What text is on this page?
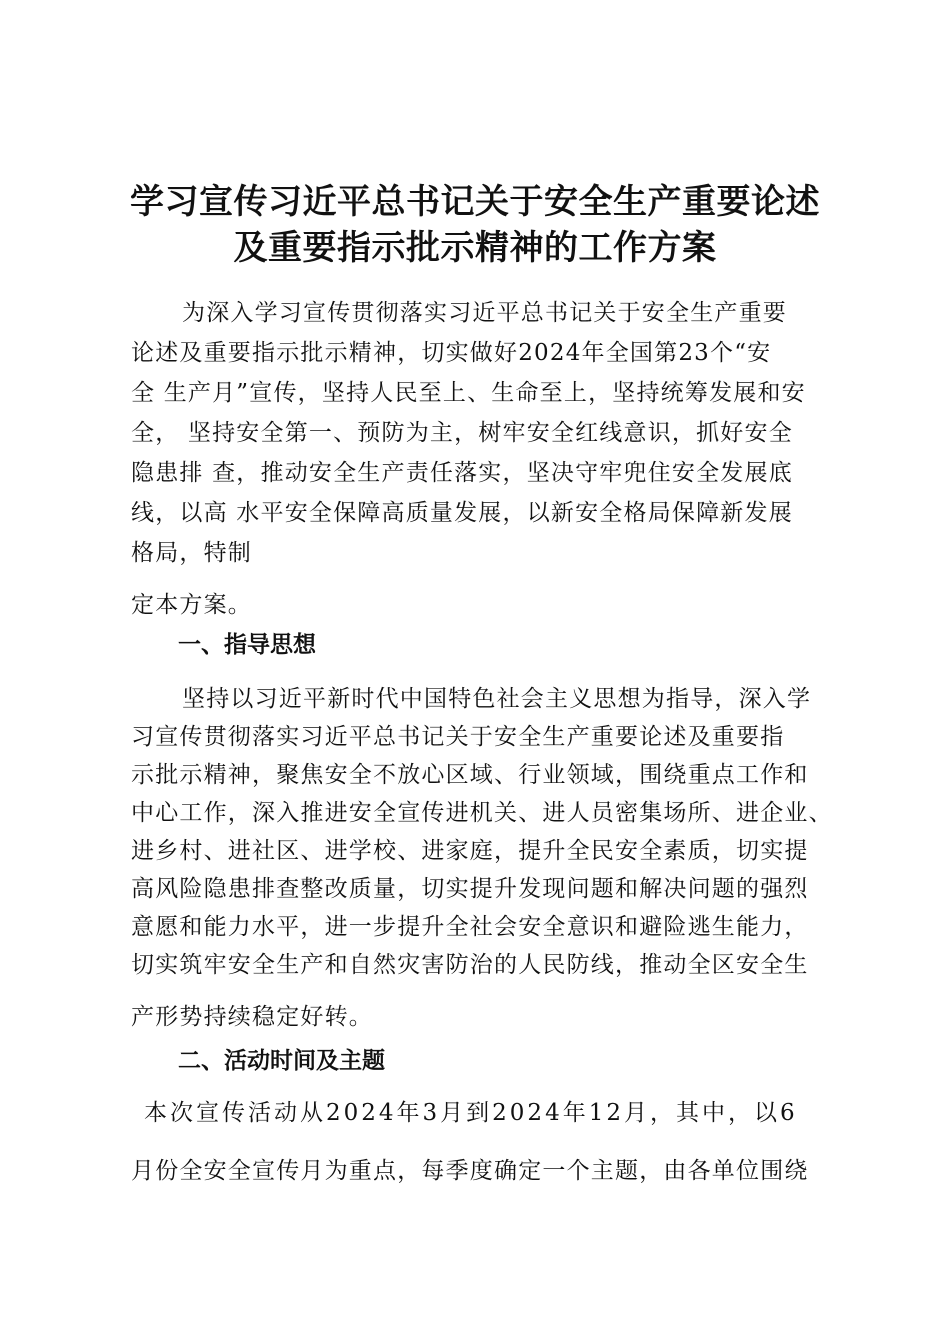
学习宣传习近平总书记关于安全生产重要论述
及重要指示批示精神的工作方案
为深入学习宣传贯彻落实习近平总书记关于安全生产重要
论述及重要指示批示精神，切实做好2024年全国第23个“安
全 生产月”宣传，坚持人民至上、生命至上，坚持统筹发展和安
全， 坚持安全第一、预防为主，树牢安全红线意识，抓好安全
隐患排 查，推动安全生产责任落实，坚决守牢兜住安全发展底
线，以高 水平安全保障高质量发展，以新安全格局保障新发展
格局，特制
定本方案。
一、指导思想
坚持以习近平新时代中国特色社会主义思想为指导，深入学
习宣传贯彻落实习近平总书记关于安全生产重要论述及重要指
示批示精神，聚焦安全不放心区域、行业领域，围绕重点工作和
中心工作，深入推进安全宣传进机关、进人员密集场所、进企业、
进乡村、进社区、进学校、进家庭，提升全民安全素质，切实提
高风险隐患排查整改质量，切实提升发现问题和解决问题的强烈
意愿和能力水平，进一步提升全社会安全意识和避险逃生能力，
切实筑牢安全生产和自然灾害防治的人民防线，推动全区安全生
产形势持续稳定好转。
二、活动时间及主题
本次宣传活动从2024年3月到2024年12月，其中，以6
月份全安全宣传月为重点，每季度确定一个主题，由各单位围绕
